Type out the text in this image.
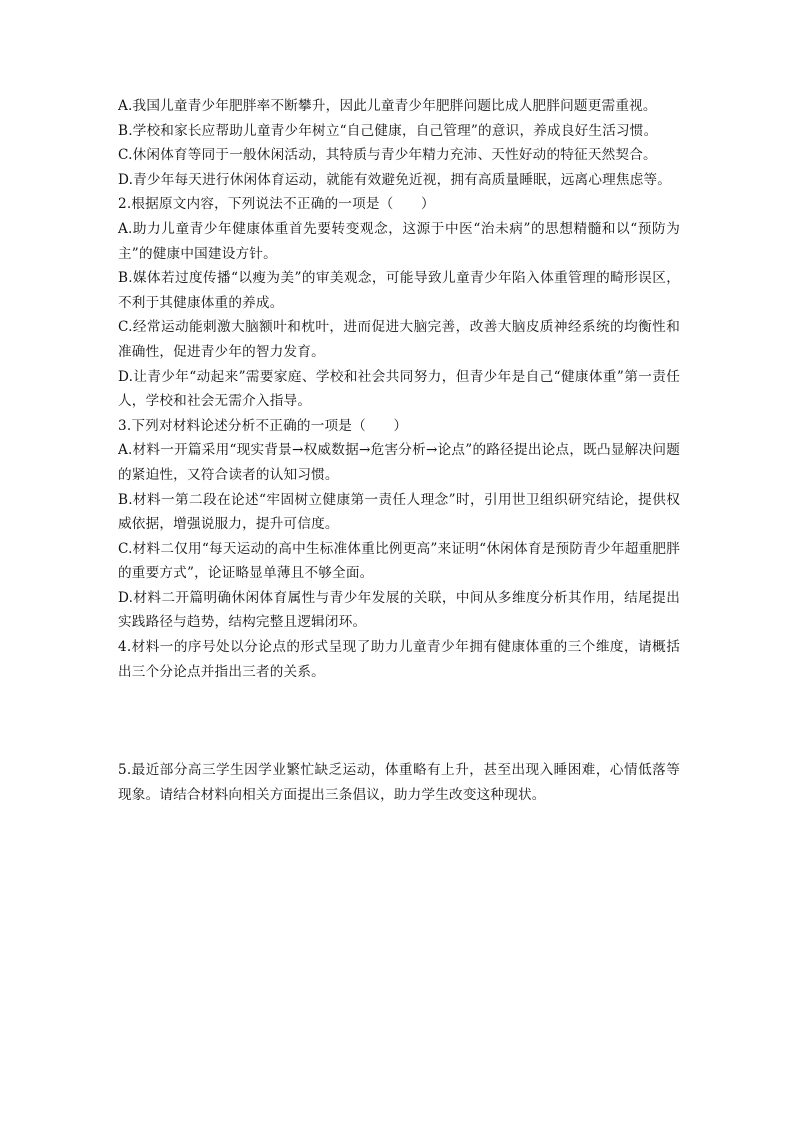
A.我国儿童青少年肥胖率不断攀升，因此儿童青少年肥胖问题比成人肥胖问题更需重视。

B.学校和家长应帮助儿童青少年树立“自己健康，自己管理”的意识，养成良好生活习惯。

C.休闲体育等同于一般休闲活动，其特质与青少年精力充沛、天性好动的特征天然契合。

D.青少年每天进行休闲体育运动，就能有效避免近视，拥有高质量睡眠，远离心理焦虑等。

2.根据原文内容，下列说法不正确的一项是（　　）

A.助力儿童青少年健康体重首先要转变观念，这源于中医“治未病”的思想精髓和以“预防为主”的健康中国建设方针。

B.媒体若过度传播“以瘦为美”的审美观念，可能导致儿童青少年陷入体重管理的畸形误区，不利于其健康体重的养成。

C.经常运动能刺激大脑额叶和枕叶，进而促进大脑完善，改善大脑皮质神经系统的均衡性和准确性，促进青少年的智力发育。

D.让青少年“动起来”需要家庭、学校和社会共同努力，但青少年是自己“健康体重”第一责任人，学校和社会无需介入指导。

3.下列对材料论述分析不正确的一项是（　　）

A.材料一开篇采用“现实背景→权威数据→危害分析→论点”的路径提出论点，既凸显解决问题的紧迫性，又符合读者的认知习惯。

B.材料一第二段在论述“牢固树立健康第一责任人理念”时，引用世卫组织研究结论，提供权威依据，增强说服力，提升可信度。

C.材料二仅用“每天运动的高中生标准体重比例更高”来证明“休闲体育是预防青少年超重肥胖的重要方式”，论证略显单薄且不够全面。

D.材料二开篇明确休闲体育属性与青少年发展的关联，中间从多维度分析其作用，结尾提出实践路径与趋势，结构完整且逻辑闭环。

4.材料一的序号处以分论点的形式呈现了助力儿童青少年拥有健康体重的三个维度，请概括出三个分论点并指出三者的关系。

5.最近部分高三学生因学业繁忙缺乏运动，体重略有上升，甚至出现入睡困难，心情低落等现象。请结合材料向相关方面提出三条倡议，助力学生改变这种现状。
